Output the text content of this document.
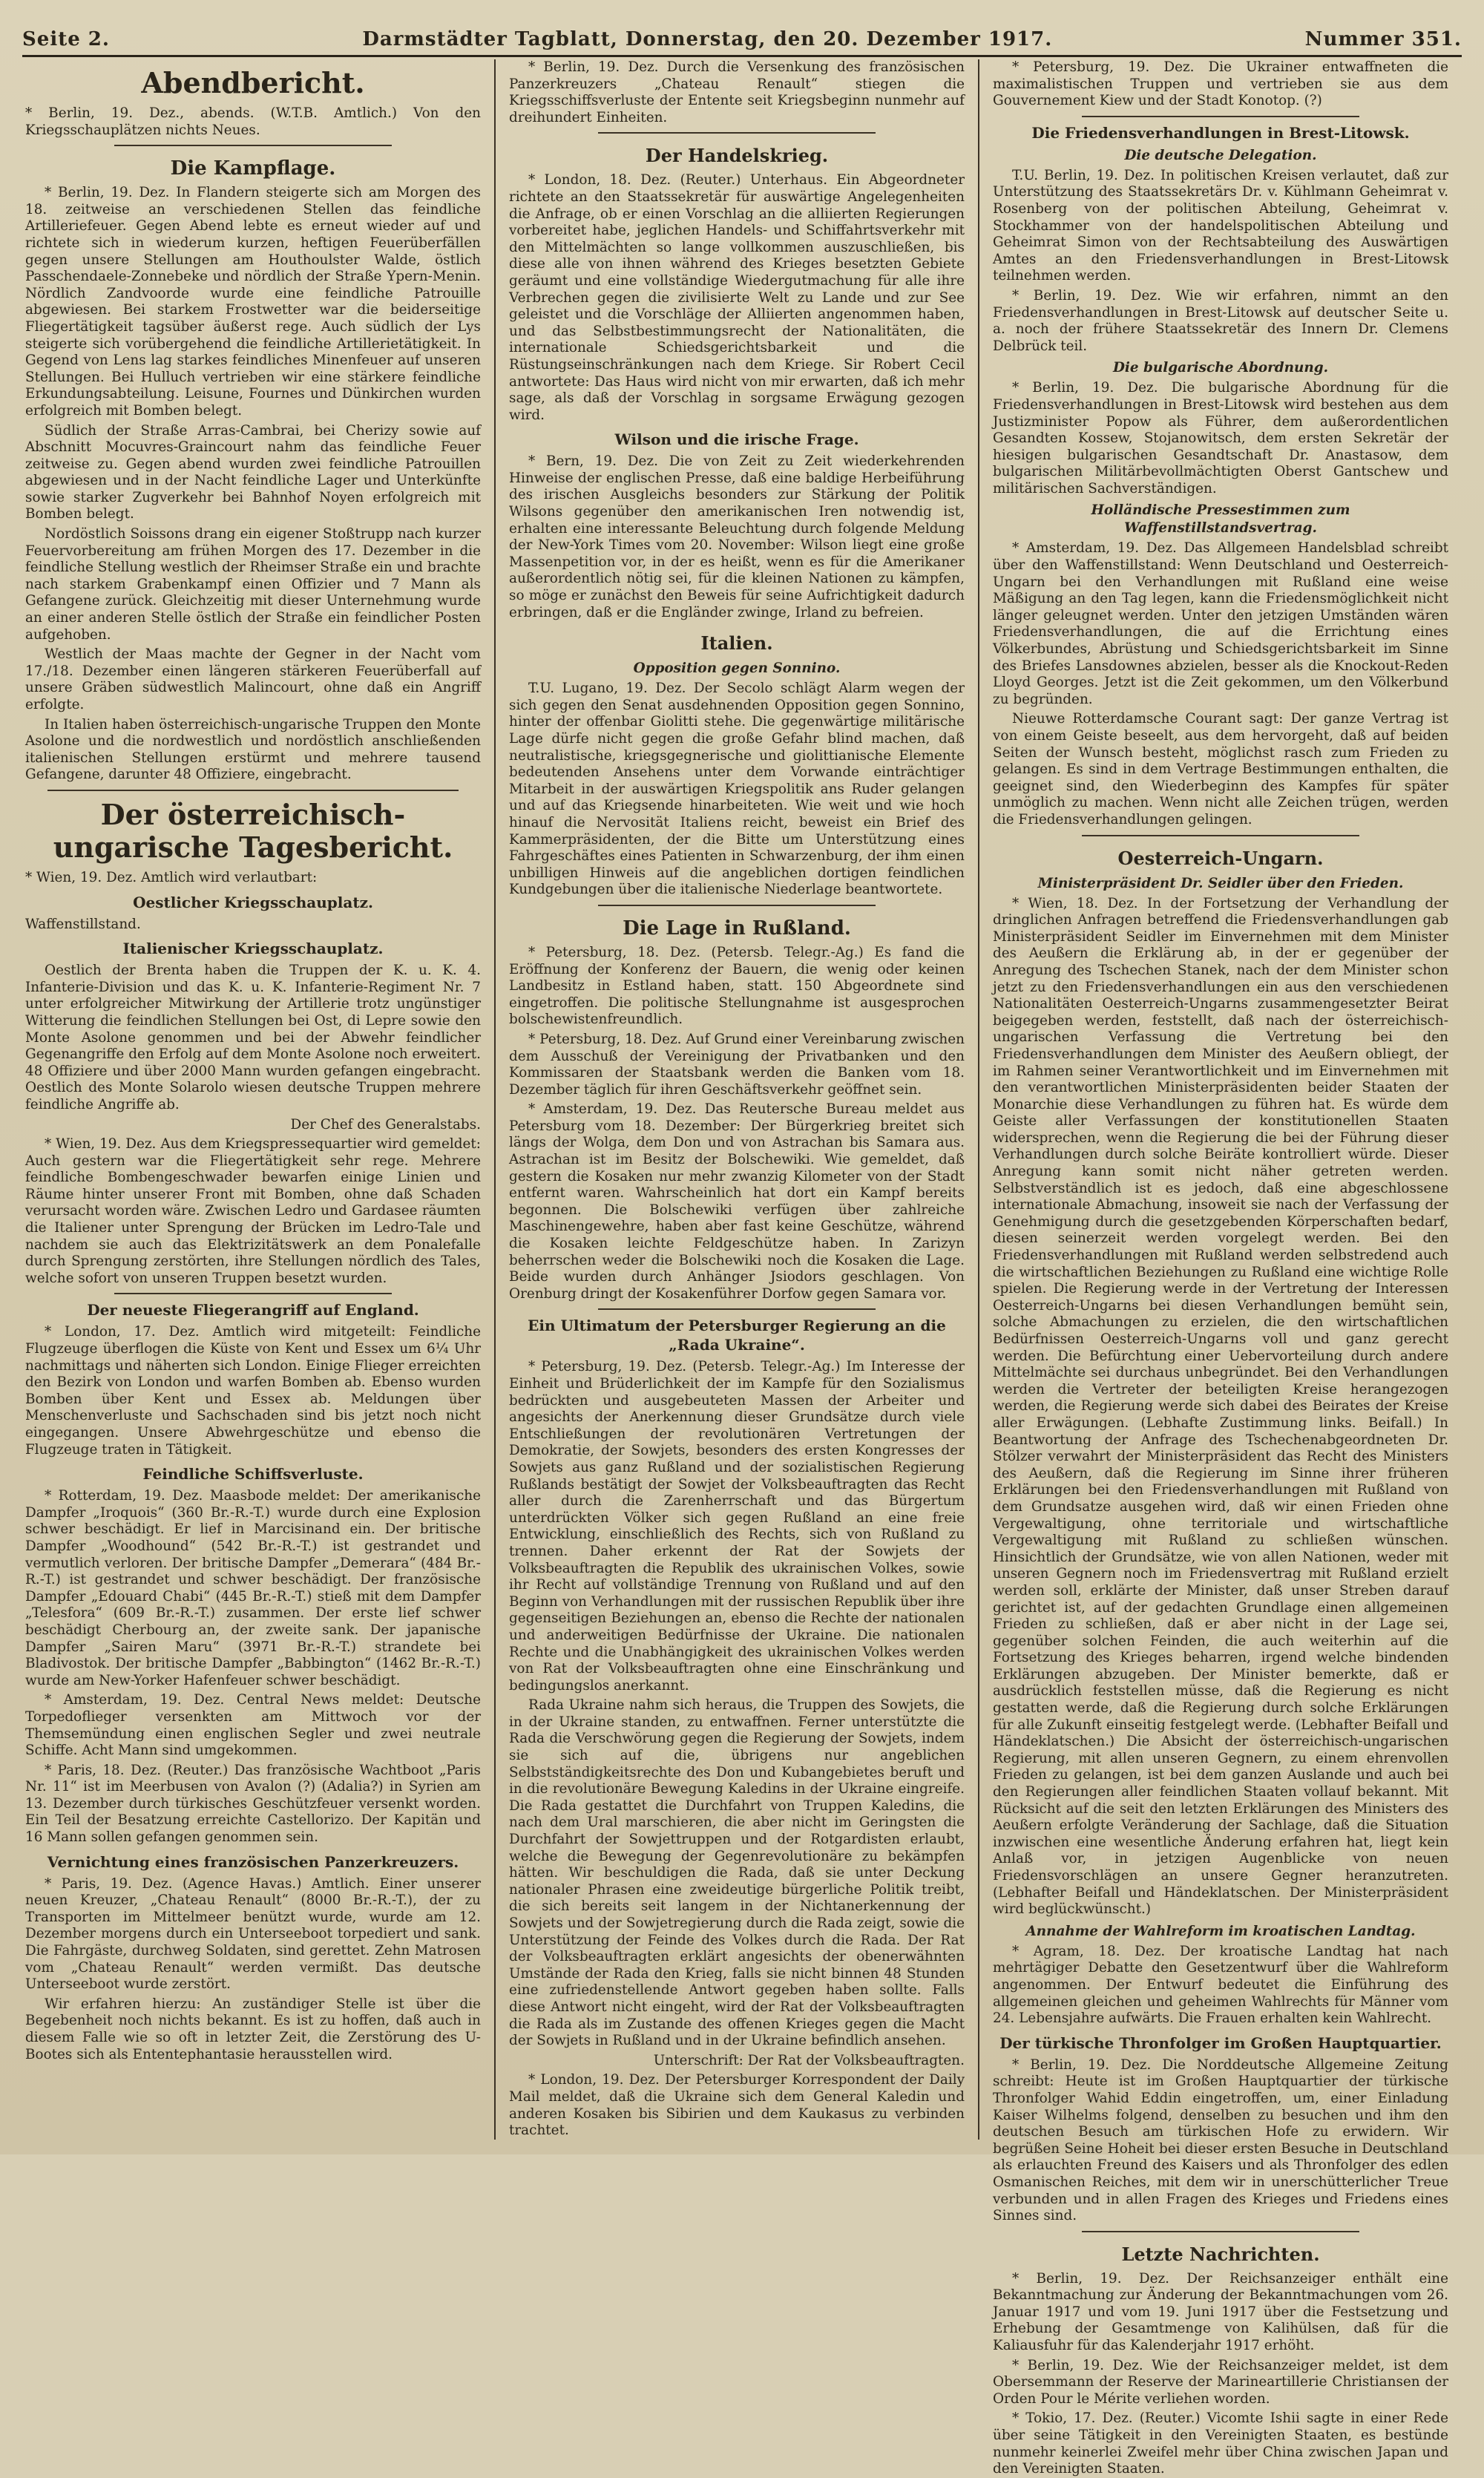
Seite 2.	Darmstädter Tagblatt, Donnerstag, den 20. Dezember 1917.	Nummer 351.
Abendbericht.

* Berlin, 19. Dez., abends. (W.T.B. Amtlich.) Von den Kriegsschauplätzen nichts Neues.

Die Kampflage.

* Berlin, 19. Dez. In Flandern steigerte sich am Morgen des 18. zeitweise an verschiedenen Stellen das feindliche Artilleriefeuer. Gegen Abend lebte es erneut wieder auf und richtete sich in wiederum kurzen, heftigen Feuerüberfällen gegen unsere Stellungen am Houthoulster Walde, östlich Passchendaele-Zonnebeke und nördlich der Straße Ypern-Menin. Nördlich Zandvoorde wurde eine feindliche Patrouille abgewiesen. Bei starkem Frostwetter war die beiderseitige Fliegertätigkeit tagsüber äußerst rege. Auch südlich der Lys steigerte sich vorübergehend die feindliche Artillerietätigkeit. In Gegend von Lens lag starkes feindliches Minenfeuer auf unseren Stellungen. Bei Hulluch vertrieben wir eine stärkere feindliche Erkundungsabteilung. Leisune, Fournes und Dünkirchen wurden erfolgreich mit Bomben belegt.

Südlich der Straße Arras-Cambrai, bei Cherizy sowie auf Abschnitt Mocuvres-Graincourt nahm das feindliche Feuer zeitweise zu. Gegen abend wurden zwei feindliche Patrouillen abgewiesen und in der Nacht feindliche Lager und Unterkünfte sowie starker Zugverkehr bei Bahnhof Noyen erfolgreich mit Bomben belegt.

Nordöstlich Soissons drang ein eigener Stoßtrupp nach kurzer Feuervorbereitung am frühen Morgen des 17. Dezember in die feindliche Stellung westlich der Rheimser Straße ein und brachte nach starkem Grabenkampf einen Offizier und 7 Mann als Gefangene zurück. Gleichzeitig mit dieser Unternehmung wurde an einer anderen Stelle östlich der Straße ein feindlicher Posten aufgehoben.

Westlich der Maas machte der Gegner in der Nacht vom 17./18. Dezember einen längeren stärkeren Feuerüberfall auf unsere Gräben südwestlich Malincourt, ohne daß ein Angriff erfolgte.

In Italien haben österreichisch-ungarische Truppen den Monte Asolone und die nordwestlich und nordöstlich anschließenden italienischen Stellungen erstürmt und mehrere tausend Gefangene, darunter 48 Offiziere, eingebracht.

Der österreichisch-ungarische Tagesbericht.

* Wien, 19. Dez. Amtlich wird verlautbart:

Oestlicher Kriegsschauplatz.

Waffenstillstand.

Italienischer Kriegsschauplatz.

Oestlich der Brenta haben die Truppen der K. u. K. 4. Infanterie-Division und das K. u. K. Infanterie-Regiment Nr. 7 unter erfolgreicher Mitwirkung der Artillerie trotz ungünstiger Witterung die feindlichen Stellungen bei Ost, di Lepre sowie den Monte Asolone genommen und bei der Abwehr feindlicher Gegenangriffe den Erfolg auf dem Monte Asolone noch erweitert. 48 Offiziere und über 2000 Mann wurden gefangen eingebracht. Oestlich des Monte Solarolo wiesen deutsche Truppen mehrere feindliche Angriffe ab.

Der Chef des Generalstabs.

* Wien, 19. Dez. Aus dem Kriegspressequartier wird gemeldet: Auch gestern war die Fliegertätigkeit sehr rege. Mehrere feindliche Bombengeschwader bewarfen einige Linien und Räume hinter unserer Front mit Bomben, ohne daß Schaden verursacht worden wäre. Zwischen Ledro und Gardasee räumten die Italiener unter Sprengung der Brücken im Ledro-Tale und nachdem sie auch das Elektrizitätswerk an dem Ponalefalle durch Sprengung zerstörten, ihre Stellungen nördlich des Tales, welche sofort von unseren Truppen besetzt wurden.

Der neueste Fliegerangriff auf England.

* London, 17. Dez. Amtlich wird mitgeteilt: Feindliche Flugzeuge überflogen die Küste von Kent und Essex um 6¼ Uhr nachmittags und näherten sich London. Einige Flieger erreichten den Bezirk von London und warfen Bomben ab. Ebenso wurden Bomben über Kent und Essex ab. Meldungen über Menschenverluste und Sachschaden sind bis jetzt noch nicht eingegangen. Unsere Abwehrgeschütze und ebenso die Flugzeuge traten in Tätigkeit.

Feindliche Schiffsverluste.

* Rotterdam, 19. Dez. Maasbode meldet: Der amerikanische Dampfer „Iroquois“ (360 Br.-R.-T.) wurde durch eine Explosion schwer beschädigt. Er lief in Marcisinand ein. Der britische Dampfer „Woodhound“ (542 Br.-R.-T.) ist gestrandet und vermutlich verloren. Der britische Dampfer „Demerara“ (484 Br.-R.-T.) ist gestrandet und schwer beschädigt. Der französische Dampfer „Edouard Chabi“ (445 Br.-R.-T.) stieß mit dem Dampfer „Telesfora“ (609 Br.-R.-T.) zusammen. Der erste lief schwer beschädigt Cherbourg an, der zweite sank. Der japanische Dampfer „Sairen Maru“ (3971 Br.-R.-T.) strandete bei Bladivostok. Der britische Dampfer „Babbington“ (1462 Br.-R.-T.) wurde am New-Yorker Hafenfeuer schwer beschädigt.

* Amsterdam, 19. Dez. Central News meldet: Deutsche Torpedoflieger versenkten am Mittwoch vor der Themsemündung einen englischen Segler und zwei neutrale Schiffe. Acht Mann sind umgekommen.

* Paris, 18. Dez. (Reuter.) Das französische Wachtboot „Paris Nr. 11“ ist im Meerbusen von Avalon (?) (Adalia?) in Syrien am 13. Dezember durch türkisches Geschützfeuer versenkt worden. Ein Teil der Besatzung erreichte Castellorizo. Der Kapitän und 16 Mann sollen gefangen genommen sein.

Vernichtung eines französischen Panzerkreuzers.

* Paris, 19. Dez. (Agence Havas.) Amtlich. Einer unserer neuen Kreuzer, „Chateau Renault“ (8000 Br.-R.-T.), der zu Transporten im Mittelmeer benützt wurde, wurde am 12. Dezember morgens durch ein Unterseeboot torpediert und sank. Die Fahrgäste, durchweg Soldaten, sind gerettet. Zehn Matrosen vom „Chateau Renault“ werden vermißt. Das deutsche Unterseeboot wurde zerstört.

Wir erfahren hierzu: An zuständiger Stelle ist über die Begebenheit noch nichts bekannt. Es ist zu hoffen, daß auch in diesem Falle wie so oft in letzter Zeit, die Zerstörung des U-Bootes sich als Ententephantasie herausstellen wird.

* Berlin, 19. Dez. Durch die Versenkung des französischen Panzerkreuzers „Chateau Renault“ stiegen die Kriegsschiffsverluste der Entente seit Kriegsbeginn nunmehr auf dreihundert Einheiten.

Der Handelskrieg.

* London, 18. Dez. (Reuter.) Unterhaus. Ein Abgeordneter richtete an den Staatssekretär für auswärtige Angelegenheiten die Anfrage, ob er einen Vorschlag an die alliierten Regierungen vorbereitet habe, jeglichen Handels- und Schiffahrtsverkehr mit den Mittelmächten so lange vollkommen auszuschließen, bis diese alle von ihnen während des Krieges besetzten Gebiete geräumt und eine vollständige Wiedergutmachung für alle ihre Verbrechen gegen die zivilisierte Welt zu Lande und zur See geleistet und die Vorschläge der Alliierten angenommen haben, und das Selbstbestimmungsrecht der Nationalitäten, die internationale Schiedsgerichtsbarkeit und die Rüstungseinschränkungen nach dem Kriege. Sir Robert Cecil antwortete: Das Haus wird nicht von mir erwarten, daß ich mehr sage, als daß der Vorschlag in sorgsame Erwägung gezogen wird.

Wilson und die irische Frage.

* Bern, 19. Dez. Die von Zeit zu Zeit wiederkehrenden Hinweise der englischen Presse, daß eine baldige Herbeiführung des irischen Ausgleichs besonders zur Stärkung der Politik Wilsons gegenüber den amerikanischen Iren notwendig ist, erhalten eine interessante Beleuchtung durch folgende Meldung der New-York Times vom 20. November: Wilson liegt eine große Massenpetition vor, in der es heißt, wenn es für die Amerikaner außerordentlich nötig sei, für die kleinen Nationen zu kämpfen, so möge er zunächst den Beweis für seine Aufrichtigkeit dadurch erbringen, daß er die Engländer zwinge, Irland zu befreien.

Italien.
Opposition gegen Sonnino.

T.U. Lugano, 19. Dez. Der Secolo schlägt Alarm wegen der sich gegen den Senat ausdehnenden Opposition gegen Sonnino, hinter der offenbar Giolitti stehe. Die gegenwärtige militärische Lage dürfe nicht gegen die große Gefahr blind machen, daß neutralistische, kriegsgegnerische und giolittianische Elemente bedeutenden Ansehens unter dem Vorwande einträchtiger Mitarbeit in der auswärtigen Kriegspolitik ans Ruder gelangen und auf das Kriegsende hinarbeiteten. Wie weit und wie hoch hinauf die Nervosität Italiens reicht, beweist ein Brief des Kammerpräsidenten, der die Bitte um Unterstützung eines Fahrgeschäftes eines Patienten in Schwarzenburg, der ihm einen unbilligen Hinweis auf die angeblichen dortigen feindlichen Kundgebungen über die italienische Niederlage beantwortete.

Die Lage in Rußland.

* Petersburg, 18. Dez. (Petersb. Telegr.-Ag.) Es fand die Eröffnung der Konferenz der Bauern, die wenig oder keinen Landbesitz in Estland haben, statt. 150 Abgeordnete sind eingetroffen. Die politische Stellungnahme ist ausgesprochen bolschewistenfreundlich.

* Petersburg, 18. Dez. Auf Grund einer Vereinbarung zwischen dem Ausschuß der Vereinigung der Privatbanken und den Kommissaren der Staatsbank werden die Banken vom 18. Dezember täglich für ihren Geschäftsverkehr geöffnet sein.

* Amsterdam, 19. Dez. Das Reutersche Bureau meldet aus Petersburg vom 18. Dezember: Der Bürgerkrieg breitet sich längs der Wolga, dem Don und von Astrachan bis Samara aus. Astrachan ist im Besitz der Bolschewiki. Wie gemeldet, daß gestern die Kosaken nur mehr zwanzig Kilometer von der Stadt entfernt waren. Wahrscheinlich hat dort ein Kampf bereits begonnen. Die Bolschewiki verfügen über zahlreiche Maschinengewehre, haben aber fast keine Geschütze, während die Kosaken leichte Feldgeschütze haben. In Zarizyn beherrschen weder die Bolschewiki noch die Kosaken die Lage. Beide wurden durch Anhänger Jsiodors geschlagen. Von Orenburg dringt der Kosakenführer Dorfow gegen Samara vor.

Ein Ultimatum der Petersburger Regierung an die „Rada Ukraine“.

* Petersburg, 19. Dez. (Petersb. Telegr.-Ag.) Im Interesse der Einheit und Brüderlichkeit der im Kampfe für den Sozialismus bedrückten und ausgebeuteten Massen der Arbeiter und angesichts der Anerkennung dieser Grundsätze durch viele Entschließungen der revolutionären Vertretungen der Demokratie, der Sowjets, besonders des ersten Kongresses der Sowjets aus ganz Rußland und der sozialistischen Regierung Rußlands bestätigt der Sowjet der Volksbeauftragten das Recht aller durch die Zarenherrschaft und das Bürgertum unterdrückten Völker sich gegen Rußland an eine freie Entwicklung, einschließlich des Rechts, sich von Rußland zu trennen. Daher erkennt der Rat der Sowjets der Volksbeauftragten die Republik des ukrainischen Volkes, sowie ihr Recht auf vollständige Trennung von Rußland und auf den Beginn von Verhandlungen mit der russischen Republik über ihre gegenseitigen Beziehungen an, ebenso die Rechte der nationalen und anderweitigen Bedürfnisse der Ukraine. Die nationalen Rechte und die Unabhängigkeit des ukrainischen Volkes werden von Rat der Volksbeauftragten ohne eine Einschränkung und bedingungslos anerkannt.

Rada Ukraine nahm sich heraus, die Truppen des Sowjets, die in der Ukraine standen, zu entwaffnen. Ferner unterstützte die Rada die Verschwörung gegen die Regierung der Sowjets, indem sie sich auf die, übrigens nur angeblichen Selbstständigkeitsrechte des Don und Kubangebietes beruft und in die revolutionäre Bewegung Kaledins in der Ukraine eingreife. Die Rada gestattet die Durchfahrt von Truppen Kaledins, die nach dem Ural marschieren, die aber nicht im Geringsten die Durchfahrt der Sowjettruppen und der Rotgardisten erlaubt, welche die Bewegung der Gegenrevolutionäre zu bekämpfen hätten. Wir beschuldigen die Rada, daß sie unter Deckung nationaler Phrasen eine zweideutige bürgerliche Politik treibt, die sich bereits seit langem in der Nichtanerkennung der Sowjets und der Sowjetregierung durch die Rada zeigt, sowie die Unterstützung der Feinde des Volkes durch die Rada. Der Rat der Volksbeauftragten erklärt angesichts der obenerwähnten Umstände der Rada den Krieg, falls sie nicht binnen 48 Stunden eine zufriedenstellende Antwort gegeben haben sollte. Falls diese Antwort nicht eingeht, wird der Rat der Volksbeauftragten die Rada als im Zustande des offenen Krieges gegen die Macht der Sowjets in Rußland und in der Ukraine befindlich ansehen.

Unterschrift: Der Rat der Volksbeauftragten.

* London, 19. Dez. Der Petersburger Korrespondent der Daily Mail meldet, daß die Ukraine sich dem General Kaledin und anderen Kosaken bis Sibirien und dem Kaukasus zu verbinden trachtet.

* Petersburg, 19. Dez. Die Ukrainer entwaffneten die maximalistischen Truppen und vertrieben sie aus dem Gouvernement Kiew und der Stadt Konotop. (?)

Die Friedensverhandlungen in Brest-Litowsk.
Die deutsche Delegation.

T.U. Berlin, 19. Dez. In politischen Kreisen verlautet, daß zur Unterstützung des Staatssekretärs Dr. v. Kühlmann Geheimrat v. Rosenberg von der politischen Abteilung, Geheimrat v. Stockhammer von der handelspolitischen Abteilung und Geheimrat Simon von der Rechtsabteilung des Auswärtigen Amtes an den Friedensverhandlungen in Brest-Litowsk teilnehmen werden.

* Berlin, 19. Dez. Wie wir erfahren, nimmt an den Friedensverhandlungen in Brest-Litowsk auf deutscher Seite u. a. noch der frühere Staatssekretär des Innern Dr. Clemens Delbrück teil.

Die bulgarische Abordnung.

* Berlin, 19. Dez. Die bulgarische Abordnung für die Friedensverhandlungen in Brest-Litowsk wird bestehen aus dem Justizminister Popow als Führer, dem außerordentlichen Gesandten Kossew, Stojanowitsch, dem ersten Sekretär der hiesigen bulgarischen Gesandtschaft Dr. Anastasow, dem bulgarischen Militärbevollmächtigten Oberst Gantschew und militärischen Sachverständigen.

Holländische Pressestimmen zum Waffenstillstandsvertrag.

* Amsterdam, 19. Dez. Das Allgemeen Handelsblad schreibt über den Waffenstillstand: Wenn Deutschland und Oesterreich-Ungarn bei den Verhandlungen mit Rußland eine weise Mäßigung an den Tag legen, kann die Friedensmöglichkeit nicht länger geleugnet werden. Unter den jetzigen Umständen wären Friedensverhandlungen, die auf die Errichtung eines Völkerbundes, Abrüstung und Schiedsgerichtsbarkeit im Sinne des Briefes Lansdownes abzielen, besser als die Knockout-Reden Lloyd Georges. Jetzt ist die Zeit gekommen, um den Völkerbund zu begründen.

Nieuwe Rotterdamsche Courant sagt: Der ganze Vertrag ist von einem Geiste beseelt, aus dem hervorgeht, daß auf beiden Seiten der Wunsch besteht, möglichst rasch zum Frieden zu gelangen. Es sind in dem Vertrage Bestimmungen enthalten, die geeignet sind, den Wiederbeginn des Kampfes für später unmöglich zu machen. Wenn nicht alle Zeichen trügen, werden die Friedensverhandlungen gelingen.

Oesterreich-Ungarn.
Ministerpräsident Dr. Seidler über den Frieden.

* Wien, 18. Dez. In der Fortsetzung der Verhandlung der dringlichen Anfragen betreffend die Friedensverhandlungen gab Ministerpräsident Seidler im Einvernehmen mit dem Minister des Aeußern die Erklärung ab, in der er gegenüber der Anregung des Tschechen Stanek, nach der dem Minister schon jetzt zu den Friedensverhandlungen ein aus den verschiedenen Nationalitäten Oesterreich-Ungarns zusammengesetzter Beirat beigegeben werden, feststellt, daß nach der österreichisch-ungarischen Verfassung die Vertretung bei den Friedensverhandlungen dem Minister des Aeußern obliegt, der im Rahmen seiner Verantwortlichkeit und im Einvernehmen mit den verantwortlichen Ministerpräsidenten beider Staaten der Monarchie diese Verhandlungen zu führen hat. Es würde dem Geiste aller Verfassungen der konstitutionellen Staaten widersprechen, wenn die Regierung die bei der Führung dieser Verhandlungen durch solche Beiräte kontrolliert würde. Dieser Anregung kann somit nicht näher getreten werden. Selbstverständlich ist es jedoch, daß eine abgeschlossene internationale Abmachung, insoweit sie nach der Verfassung der Genehmigung durch die gesetzgebenden Körperschaften bedarf, diesen seinerzeit werden vorgelegt werden. Bei den Friedensverhandlungen mit Rußland werden selbstredend auch die wirtschaftlichen Beziehungen zu Rußland eine wichtige Rolle spielen. Die Regierung werde in der Vertretung der Interessen Oesterreich-Ungarns bei diesen Verhandlungen bemüht sein, solche Abmachungen zu erzielen, die den wirtschaftlichen Bedürfnissen Oesterreich-Ungarns voll und ganz gerecht werden. Die Befürchtung einer Uebervorteilung durch andere Mittelmächte sei durchaus unbegründet. Bei den Verhandlungen werden die Vertreter der beteiligten Kreise herangezogen werden, die Regierung werde sich dabei des Beirates der Kreise aller Erwägungen. (Lebhafte Zustimmung links. Beifall.) In Beantwortung der Anfrage des Tschechenabgeordneten Dr. Stölzer verwahrt der Ministerpräsident das Recht des Ministers des Aeußern, daß die Regierung im Sinne ihrer früheren Erklärungen bei den Friedensverhandlungen mit Rußland von dem Grundsatze ausgehen wird, daß wir einen Frieden ohne Vergewaltigung, ohne territoriale und wirtschaftliche Vergewaltigung mit Rußland zu schließen wünschen. Hinsichtlich der Grundsätze, wie von allen Nationen, weder mit unseren Gegnern noch im Friedensvertrag mit Rußland erzielt werden soll, erklärte der Minister, daß unser Streben darauf gerichtet ist, auf der gedachten Grundlage einen allgemeinen Frieden zu schließen, daß er aber nicht in der Lage sei, gegenüber solchen Feinden, die auch weiterhin auf die Fortsetzung des Krieges beharren, irgend welche bindenden Erklärungen abzugeben. Der Minister bemerkte, daß er ausdrücklich feststellen müsse, daß die Regierung es nicht gestatten werde, daß die Regierung durch solche Erklärungen für alle Zukunft einseitig festgelegt werde. (Lebhafter Beifall und Händeklatschen.) Die Absicht der österreichisch-ungarischen Regierung, mit allen unseren Gegnern, zu einem ehrenvollen Frieden zu gelangen, ist bei dem ganzen Auslande und auch bei den Regierungen aller feindlichen Staaten vollauf bekannt. Mit Rücksicht auf die seit den letzten Erklärungen des Ministers des Aeußern erfolgte Veränderung der Sachlage, daß die Situation inzwischen eine wesentliche Änderung erfahren hat, liegt kein Anlaß vor, in jetzigen Augenblicke von neuen Friedensvorschlägen an unsere Gegner heranzutreten. (Lebhafter Beifall und Händeklatschen. Der Ministerpräsident wird beglückwünscht.)

Annahme der Wahlreform im kroatischen Landtag.

* Agram, 18. Dez. Der kroatische Landtag hat nach mehrtägiger Debatte den Gesetzentwurf über die Wahlreform angenommen. Der Entwurf bedeutet die Einführung des allgemeinen gleichen und geheimen Wahlrechts für Männer vom 24. Lebensjahre aufwärts. Die Frauen erhalten kein Wahlrecht.

Der türkische Thronfolger im Großen Hauptquartier.

* Berlin, 19. Dez. Die Norddeutsche Allgemeine Zeitung schreibt: Heute ist im Großen Hauptquartier der türkische Thronfolger Wahid Eddin eingetroffen, um, einer Einladung Kaiser Wilhelms folgend, denselben zu besuchen und ihm den deutschen Besuch am türkischen Hofe zu erwidern. Wir begrüßen Seine Hoheit bei dieser ersten Besuche in Deutschland als erlauchten Freund des Kaisers und als Thronfolger des edlen Osmanischen Reiches, mit dem wir in unerschütterlicher Treue verbunden und in allen Fragen des Krieges und Friedens eines Sinnes sind.

Letzte Nachrichten.

* Berlin, 19. Dez. Der Reichsanzeiger enthält eine Bekanntmachung zur Änderung der Bekanntmachungen vom 26. Januar 1917 und vom 19. Juni 1917 über die Festsetzung und Erhebung der Gesamtmenge von Kalihülsen, daß für die Kaliausfuhr für das Kalenderjahr 1917 erhöht.

* Berlin, 19. Dez. Wie der Reichsanzeiger meldet, ist dem Obersemmann der Reserve der Marineartillerie Christiansen der Orden Pour le Mérite verliehen worden.

* Tokio, 17. Dez. (Reuter.) Vicomte Ishii sagte in einer Rede über seine Tätigkeit in den Vereinigten Staaten, es bestünde nunmehr keinerlei Zweifel mehr über China zwischen Japan und den Vereinigten Staaten.
